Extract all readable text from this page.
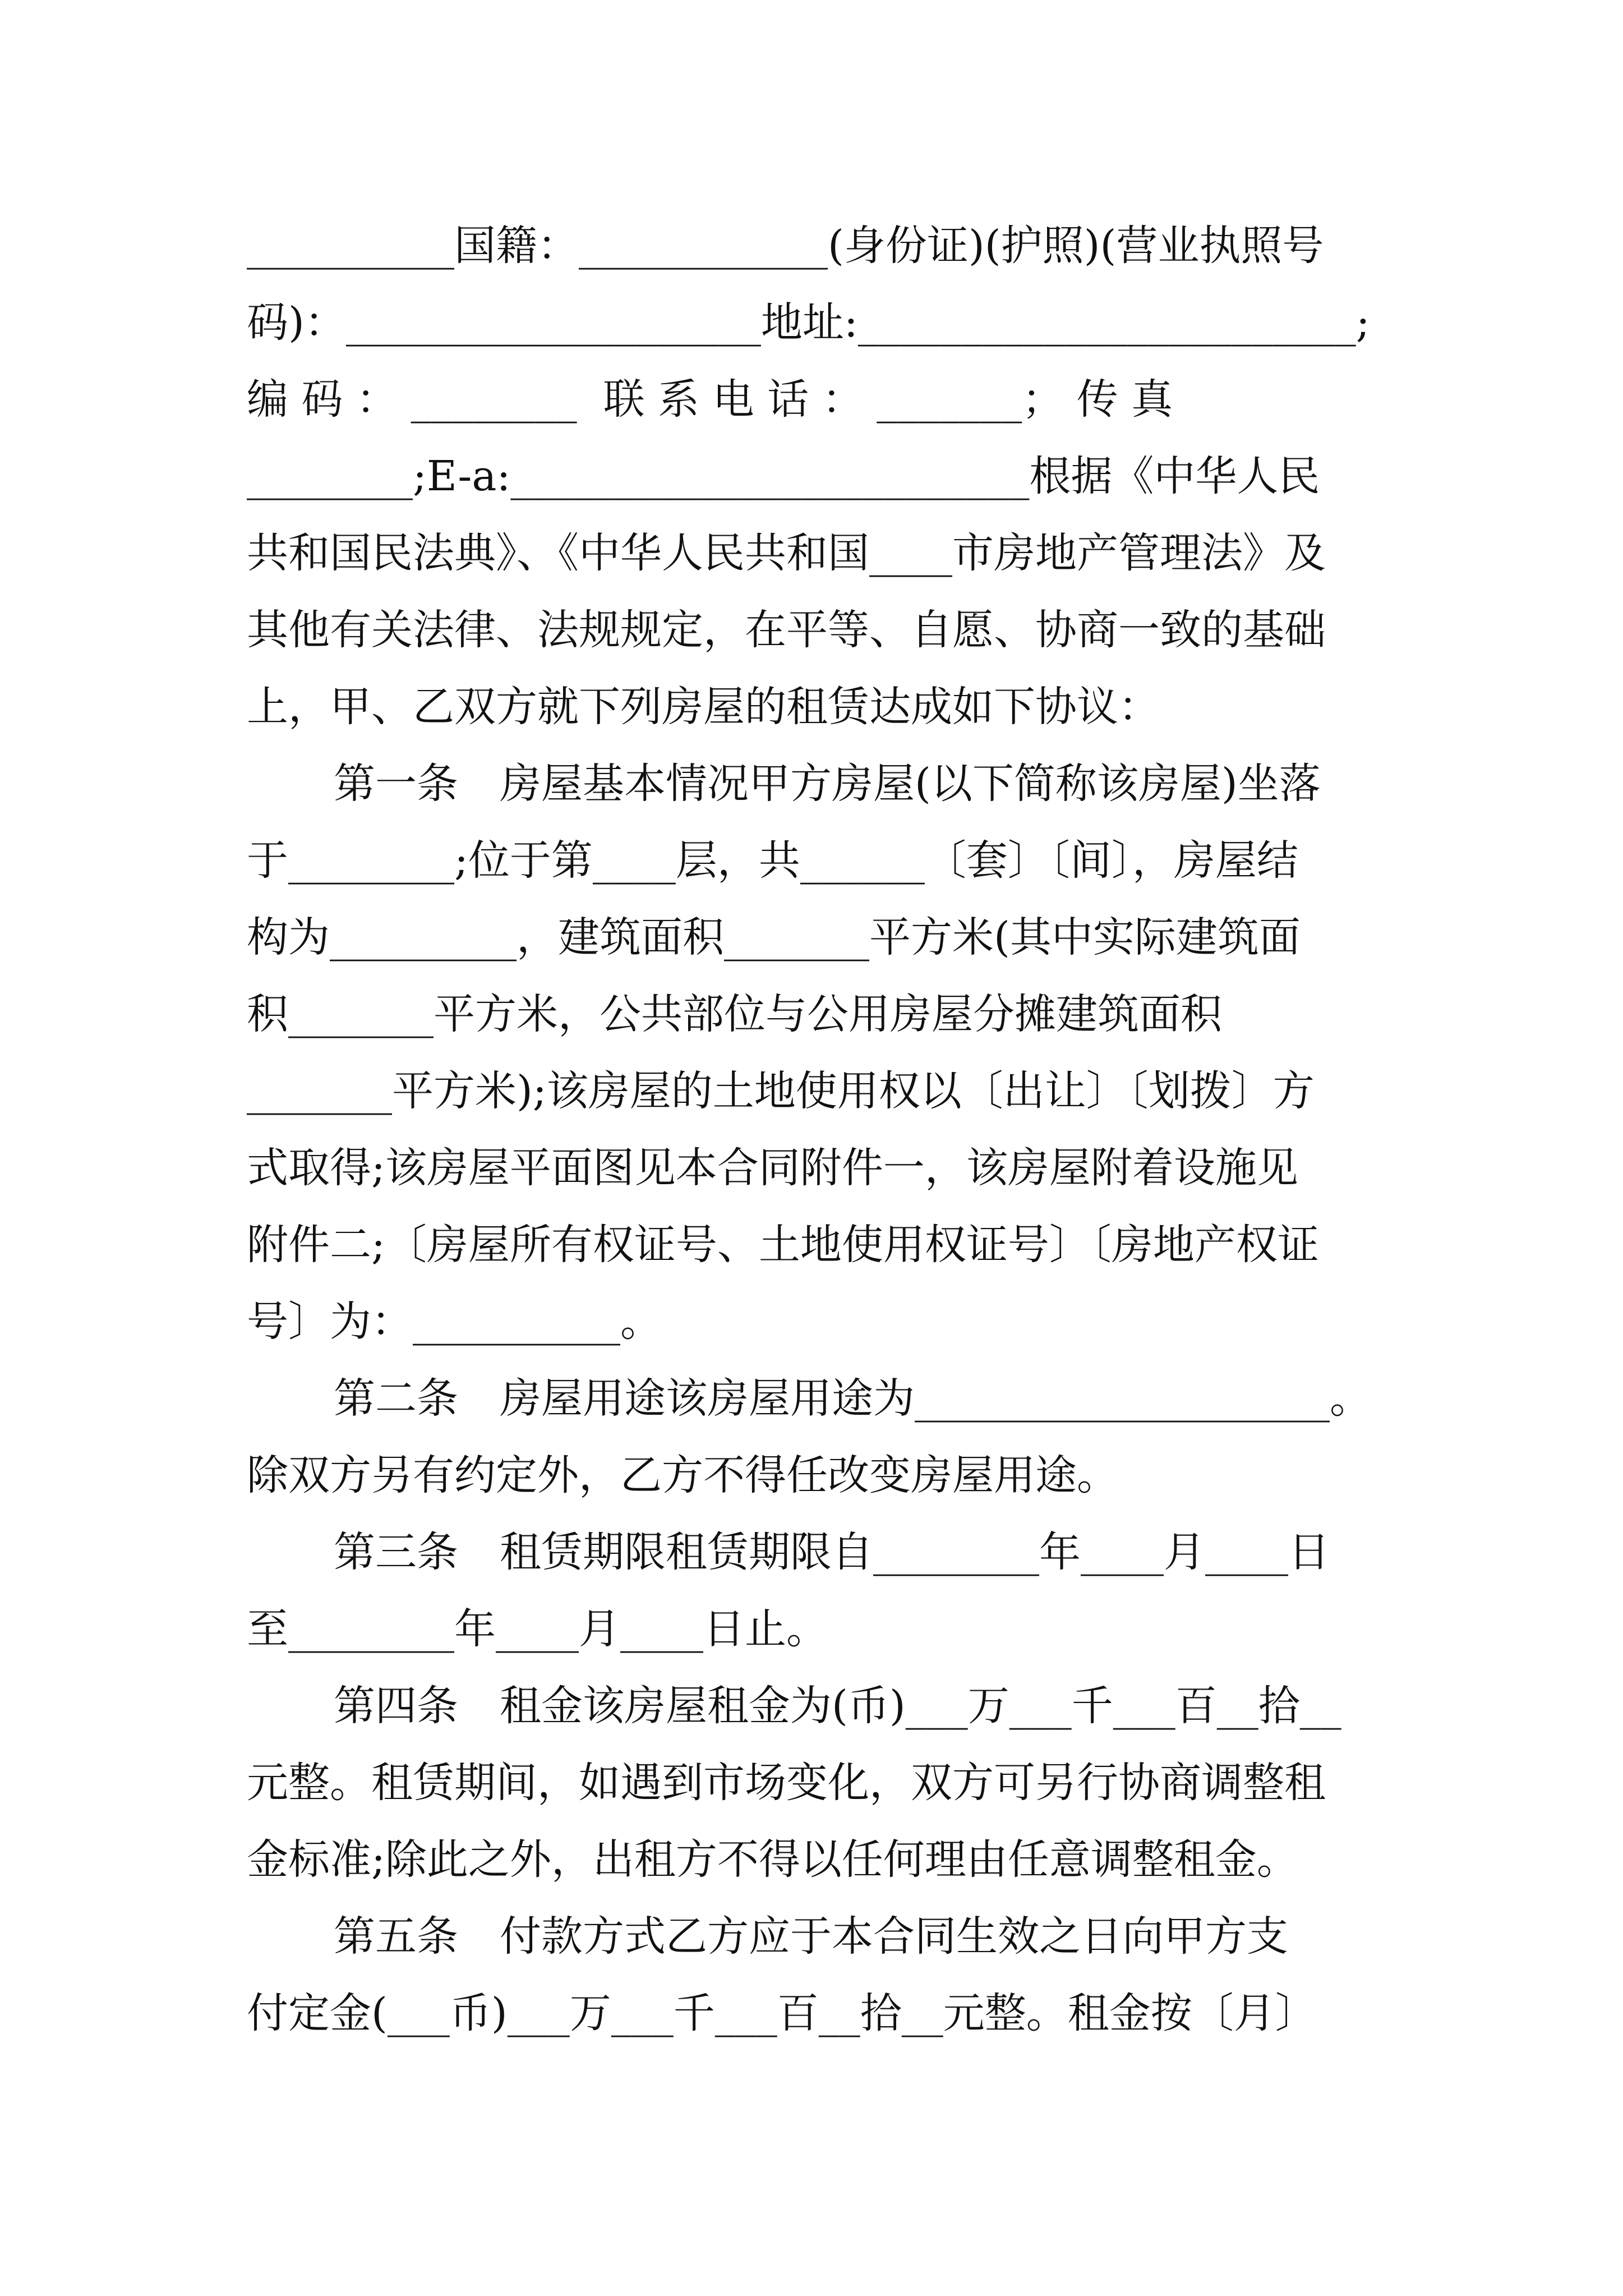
__________国籍：____________(身份证)(护照)(营业执照号
码)：____________________地址:________________________;
编 码 ： ________  联 系 电 话 ： _______； 传 真
________;E-a:_________________________根据《中华人民
共和国民法典》、《中华人民共和国____市房地产管理法》及
其他有关法律、法规规定，在平等、自愿、协商一致的基础
上，甲、乙双方就下列房屋的租赁达成如下协议：
第一条　房屋基本情况甲方房屋(以下简称该房屋)坐落
于________;位于第____层，共______〔套〕〔间〕，房屋结
构为_________，建筑面积_______平方米(其中实际建筑面
积_______平方米，公共部位与公用房屋分摊建筑面积
_______平方米);该房屋的土地使用权以〔出让〕〔划拨〕方
式取得;该房屋平面图见本合同附件一，该房屋附着设施见
附件二;〔房屋所有权证号、土地使用权证号〕〔房地产权证
号〕为：__________。
第二条　房屋用途该房屋用途为____________________。
除双方另有约定外，乙方不得任改变房屋用途。
第三条　租赁期限租赁期限自________年____月____日
至________年____月____日止。
第四条　租金该房屋租金为(币)___万___千___百__拾__
元整。租赁期间，如遇到市场变化，双方可另行协商调整租
金标准;除此之外，出租方不得以任何理由任意调整租金。
第五条　付款方式乙方应于本合同生效之日向甲方支
付定金(___币)___万___千___百__拾__元整。租金按〔月〕
